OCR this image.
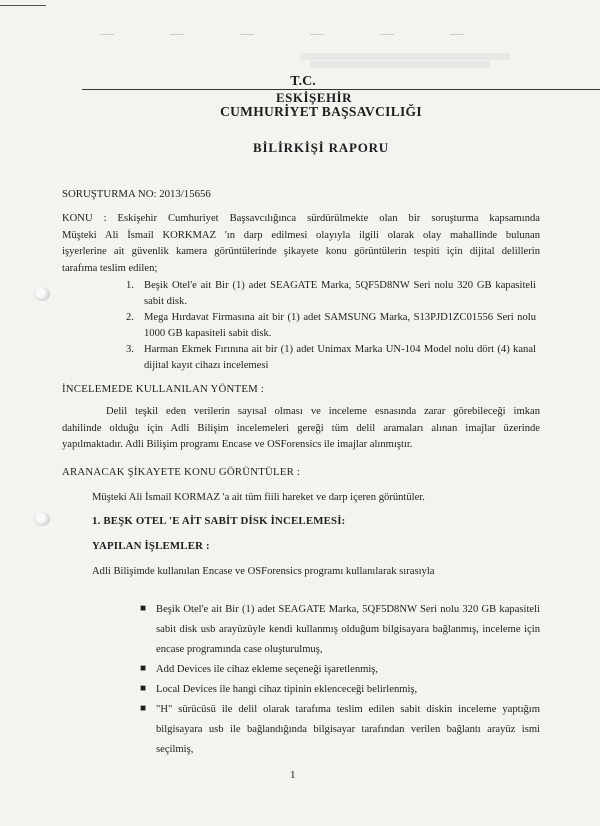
T.C.
ESKİŞEHİR
CUMHURİYET BAŞSAVCILIĞI
BİLİRKİŞİ RAPORU
SORUŞTURMA NO: 2013/15656
KONU : Eskişehir Cumhuriyet Başsavcılığınca sürdürülmekte olan bir soruşturma kapsamında
Müşteki Ali İsmail KORKMAZ 'ın darp edilmesi olayıyla ilgili olarak olay mahallinde bulunan
işyerlerine ait güvenlik kamera görüntülerinde şikayete konu görüntülerin tespiti için dijital delillerin
tarafıma teslim edilen;
1. Beşik Otel'e ait Bir (1) adet SEAGATE Marka, 5QF5D8NW Seri nolu 320 GB kapasiteli sabit disk.
2. Mega Hırdavat Firmasına ait bir (1) adet SAMSUNG Marka, S13PJD1ZC01556 Seri nolu 1000 GB kapasiteli sabit disk.
3. Harman Ekmek Fırınına ait bir (1) adet Unimax Marka UN-104 Model nolu dört (4) kanal dijital kayıt cihazı incelemesi
İNCELEMEDE KULLANILAN YÖNTEM :
Delil teşkil eden verilerin sayısal olması ve inceleme esnasında zarar görebileceği imkan
dahilinde olduğu için Adli Bilişim incelemeleri gereği tüm delil aramaları alınan imajlar üzerinde
yapılmaktadır. Adli Bilişim programı Encase ve OSForensics ile imajlar alınmıştır.
ARANACAK ŞİKAYETE KONU GÖRÜNTÜLER :
Müşteki Ali İsmail KORMAZ 'a ait tüm fiili hareket ve darp içeren görüntüler.
1. BEŞK OTEL 'E AİT SABİT DİSK İNCELEMESİ:
YAPILAN İŞLEMLER :
Adli Bilişimde kullanılan Encase ve OSForensics programı kullanılarak sırasıyla
■ Beşik Otel'e ait Bir (1) adet SEAGATE Marka, 5QF5D8NW Seri nolu 320 GB kapasiteli sabit disk usb arayüzüyle kendi kullanmış olduğum bilgisayara bağlanmış, inceleme için encase programında case oluşturulmuş,
■ Add Devices ile cihaz ekleme seçeneği işaretlenmiş,
■ Local Devices ile hangi cihaz tipinin eklenceceği belirlenmiş,
■ "H" sürücüsü ile delil olarak tarafıma teslim edilen sabit diskin inceleme yaptığım bilgisayara usb ile bağlandığında bilgisayar tarafından verilen bağlantı arayüz ismi seçilmiş,
1
